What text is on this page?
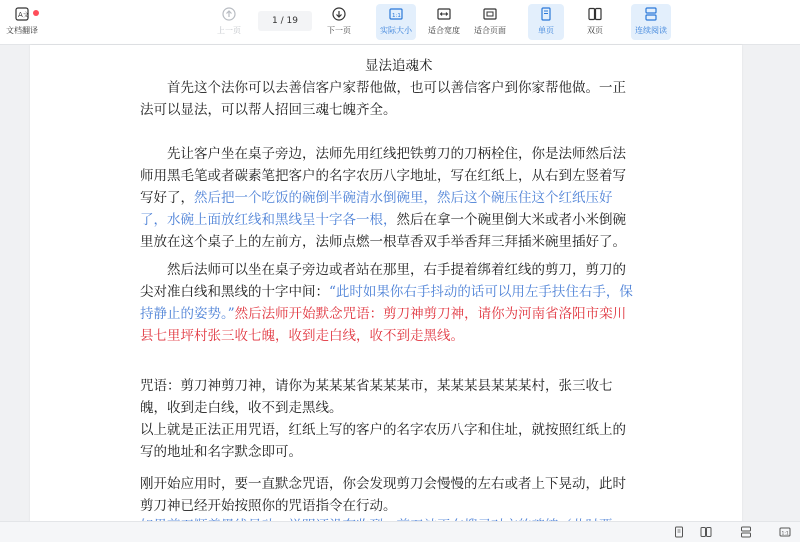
A 文
文档翻译	上一页
1 / 19
下一页
1:1
实际大小 适合宽度 适合页面	单页	双页	连续阅读
显法追魂术

首先这个法你可以去善信客户家帮他做，也可以善信客户到你家帮他做。一正法可以显法，可以帮人招回三魂七魄齐全。

先让客户坐在桌子旁边，法师先用红线把铁剪刀的刀柄栓住，你是法师然后法师用黑毛笔或者碳素笔把客户的名字农历八字地址，写在红纸上，从右到左竖着写写好了，然后把一个吃饭的碗倒半碗清水倒碗里，然后这个碗压住这个红纸压好了，水碗上面放红线和黑线呈十字各一根，然后在拿一个碗里倒大米或者小米倒碗里放在这个桌子上的左前方，法师点燃一根草香双手举香拜三拜插米碗里插好了。

然后法师可以坐在桌子旁边或者站在那里，右手提着绑着红线的剪刀，剪刀的尖对准白线和黑线的十字中间：“此时如果你右手抖动的话可以用左手扶住右手，保持静止的姿势。”然后法师开始默念咒语：剪刀神剪刀神，请你为河南省洛阳市栾川县七里坪村张三收七魄，收到走白线，收不到走黑线。

咒语：剪刀神剪刀神，请你为某某某省某某某市，某某某县某某某村，张三收七魄，收到走白线，收不到走黑线。

以上就是正法正用咒语，红纸上写的客户的名字农历八字和住址，就按照红纸上的写的地址和名字默念即可。

刚开始应用时，要一直默念咒语，你会发现剪刀会慢慢的左右或者上下晃动，此时剪刀神已经开始按照你的咒语指令在行动。

1:1
